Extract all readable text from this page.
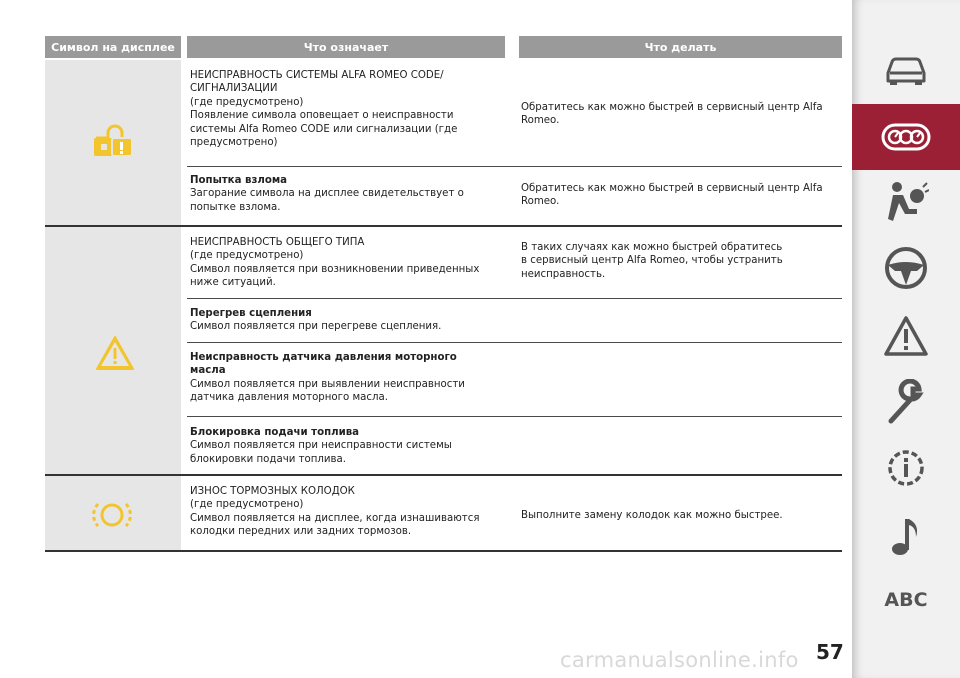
Символ на дисплее	Что означает	Что делать
НЕИСПРАВНОСТЬ СИСТЕМЫ ALFA ROMEO CODE/СИГНАЛИЗАЦИИ
(где предусмотрено)
Появление символа оповещает о неисправности
системы Alfa Romeo CODE или сигнализации (где
предусмотрено)
Обратитесь как можно быстрей в сервисный центр Alfa Romeo.
Попытка взлома
Загорание символа на дисплее свидетельствует о
попытке взлома.
Обратитесь как можно быстрей в сервисный центр Alfa Romeo.
НЕИСПРАВНОСТЬ ОБЩЕГО ТИПА
(где предусмотрено)
Символ появляется при возникновении приведенных
ниже ситуаций.
В таких случаях как можно быстрей обратитесь
в сервисный центр Alfa Romeo, чтобы устранить
неисправность.
Перегрев сцепления
Символ появляется при перегреве сцепления.
Неисправность датчика давления моторного
масла
Символ появляется при выявлении неисправности
датчика давления моторного масла.
Блокировка подачи топлива
Символ появляется при неисправности системы
блокировки подачи топлива.
ИЗНОС ТОРМОЗНЫХ КОЛОДОК
(где предусмотрено)
Символ появляется на дисплее, когда изнашиваются
колодки передних или задних тормозов.
Выполните замену колодок как можно быстрее.
57
carmanualsonline.info
ABC
